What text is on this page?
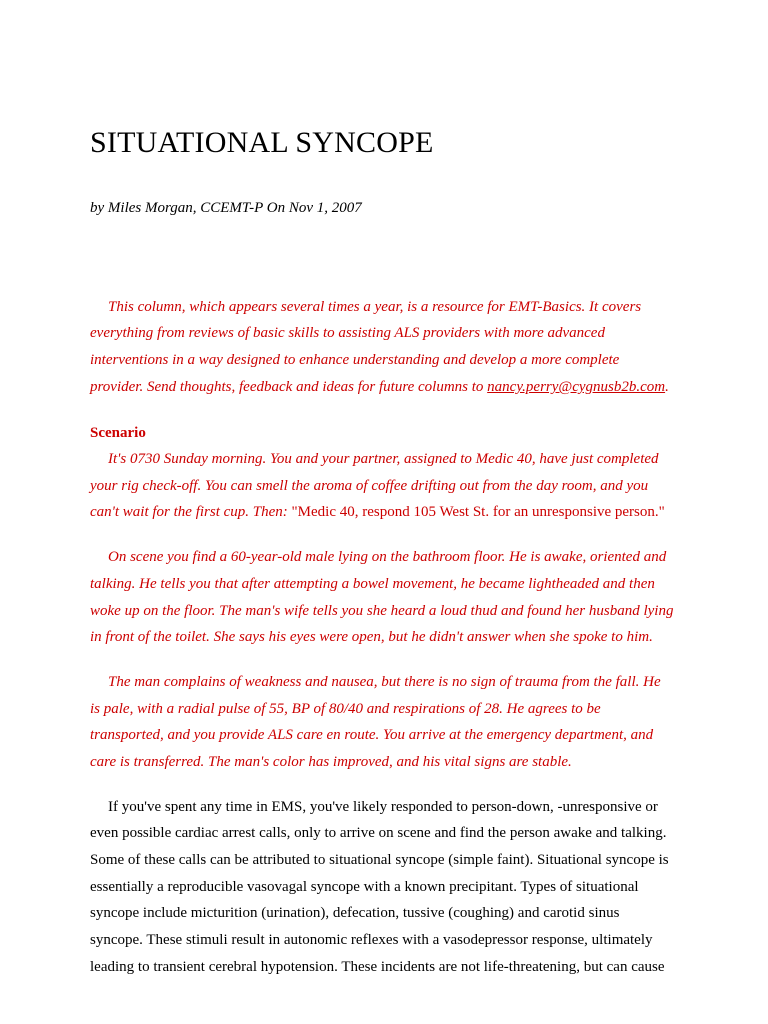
SITUATIONAL SYNCOPE
by Miles Morgan, CCEMT-P On Nov 1, 2007
This column, which appears several times a year, is a resource for EMT-Basics. It covers
everything from reviews of basic skills to assisting ALS providers with more advanced
interventions in a way designed to enhance understanding and develop a more complete
provider. Send thoughts, feedback and ideas for future columns to nancy.perry@cygnusb2b.com.
Scenario
It's 0730 Sunday morning. You and your partner, assigned to Medic 40, have just completed
your rig check-off. You can smell the aroma of coffee drifting out from the day room, and you
can't wait for the first cup. Then: "Medic 40, respond 105 West St. for an unresponsive person."
On scene you find a 60-year-old male lying on the bathroom floor. He is awake, oriented and
talking. He tells you that after attempting a bowel movement, he became lightheaded and then
woke up on the floor. The man's wife tells you she heard a loud thud and found her husband lying
in front of the toilet. She says his eyes were open, but he didn't answer when she spoke to him.
The man complains of weakness and nausea, but there is no sign of trauma from the fall. He
is pale, with a radial pulse of 55, BP of 80/40 and respirations of 28. He agrees to be
transported, and you provide ALS care en route. You arrive at the emergency department, and
care is transferred. The man's color has improved, and his vital signs are stable.
If you've spent any time in EMS, you've likely responded to person-down, -unresponsive or
even possible cardiac arrest calls, only to arrive on scene and find the person awake and talking.
Some of these calls can be attributed to situational syncope (simple faint). Situational syncope is
essentially a reproducible vasovagal syncope with a known precipitant. Types of situational
syncope include micturition (urination), defecation, tussive (coughing) and carotid sinus
syncope. These stimuli result in autonomic reflexes with a vasodepressor response, ultimately
leading to transient cerebral hypotension. These incidents are not life-threatening, but can cause
